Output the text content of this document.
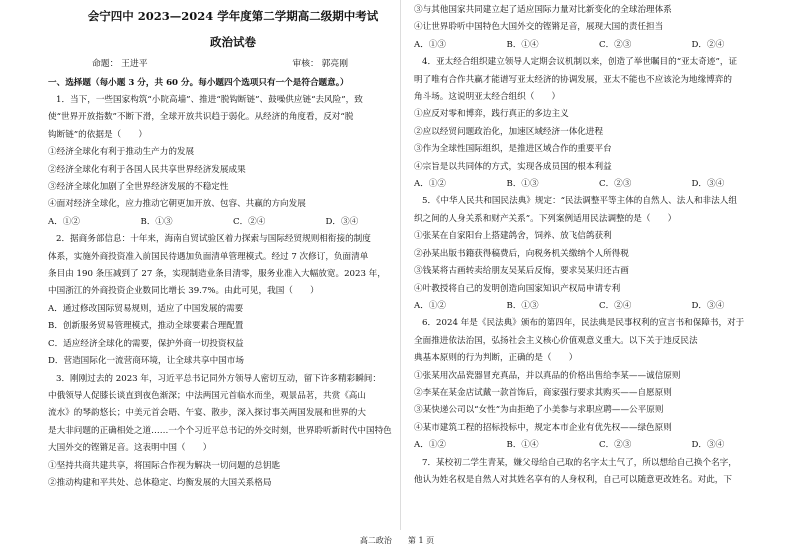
会宁四中 2023—2024 学年度第二学期高二级期中考试
政治试卷
命题： 王进平	审核： 郭亮刚
一、选择题（每小题 3 分，共 60 分。每小题四个选项只有一个是符合题意。）

1．当下，一些国家构筑“小院高墙”、推进“脱钩断链”、鼓噪供应链“去风险”，致

使“世界开放指数”不断下滑，全球开放共识趋于弱化。从经济的角度看，反对“脱

钩断链”的依据是（　　）

①经济全球化有利于推动生产力的发展

②经济全球化有利于各国人民共享世界经济发展成果

③经济全球化加剧了全世界经济发展的不稳定性

④面对经济全球化，应力推动它朝更加开放、包容、共赢的方向发展

A．①②	B．①③	C．②④	D．③④

2．据商务部信息：十年来，海南自贸试验区着力探索与国际经贸规则相衔接的制度

体系，实施外商投资准入前国民待遇加负面清单管理模式。经过 7 次修订，负面清单

条目由 190 条压减到了 27 条，实现制造业条目清零，服务业准入大幅放宽。2023 年，

中国浙江的外商投资企业数同比增长 39.7%。由此可见，我国（　　）

A．通过修改国际贸易规则，适应了中国发展的需要

B．创新服务贸易管理模式，推动全球要素合理配置

C．适应经济全球化的需要，保护外商一切投资权益

D．营造国际化一流营商环境，让全球共享中国市场

3．刚刚过去的 2023 年，习近平总书记同外方领导人密切互动，留下许多精彩瞬间：

中俄领导人促膝长谈直到夜色渐深；中法两国元首临水而坐，观景品茗，共赏《高山

流水》的琴韵悠长；中美元首会晤、午宴、散步，深入探讨事关两国发展和世界的大

是大非问题的正确相处之道……一个个习近平总书记的外交时刻，世界聆听新时代中国特色

大国外交的铿锵足音。这表明中国（　　）

①坚持共商共建共享，将国际合作视为解决一切问题的总钥匙

②推动构建和平共处、总体稳定、均衡发展的大国关系格局

③与其他国家共同建立起了适应国际力量对比新变化的全球治理体系

④让世界聆听中国特色大国外交的铿锵足音，展现大国的责任担当

A．①③	B．①④	C．②③	D．②④

4．亚太经合组织建立领导人定期会议机制以来，创造了举世瞩目的“亚太奇迹”，证

明了唯有合作共赢才能谱写亚太经济的协调发展，亚太不能也不应该沦为地缘博弈的

角斗场。这说明亚太经合组织（　　）

①应反对零和博弈，践行真正的多边主义

②应以经贸问题政治化，加速区域经济一体化进程

③作为全球性国际组织，是推进区域合作的重要平台

④宗旨是以共同体的方式，实现各成员国的根本利益

A．①②	B．①③	C．②③	D．③④

5．《中华人民共和国民法典》规定：“民法调整平等主体的自然人、法人和非法人组

织之间的人身关系和财产关系”。下列案例适用民法调整的是（　　）

①张某在自家阳台上搭建鸽舍，饲养、放飞信鸽获利

②孙某出版书籍获得稿费后，向税务机关缴纳个人所得税

③钱某将古画转卖给朋友吴某后反悔，要求吴某归还古画

④叶教授将自己的发明创造向国家知识产权局申请专利

A．①②	B．①③	C．②④	D．③④

6．2024 年是《民法典》颁布的第四年，民法典是民事权利的宣言书和保障书，对于

全面推进依法治国，弘扬社会主义核心价值观意义重大。以下关于违反民法

典基本原则的行为判断，正确的是（　　）

①张某用次品瓷器冒充真品，并以真品的价格出售给李某——诚信原则

②李某在某金店试戴一款首饰后，商家强行要求其购买——自愿原则

③某快递公司以“女性”为由拒绝了小美参与求职应聘——公平原则

④某市建筑工程的招标投标中，规定本市企业有优先权——绿色原则

A．①②	B．①④	C．②③	D．③④

7．某校初二学生青某，嫌父母给自己取的名字太土气了，所以想给自己换个名字，

他认为姓名权是自然人对其姓名享有的人身权利，自己可以随意更改姓名。对此，下

高二政治　　第 1 页
